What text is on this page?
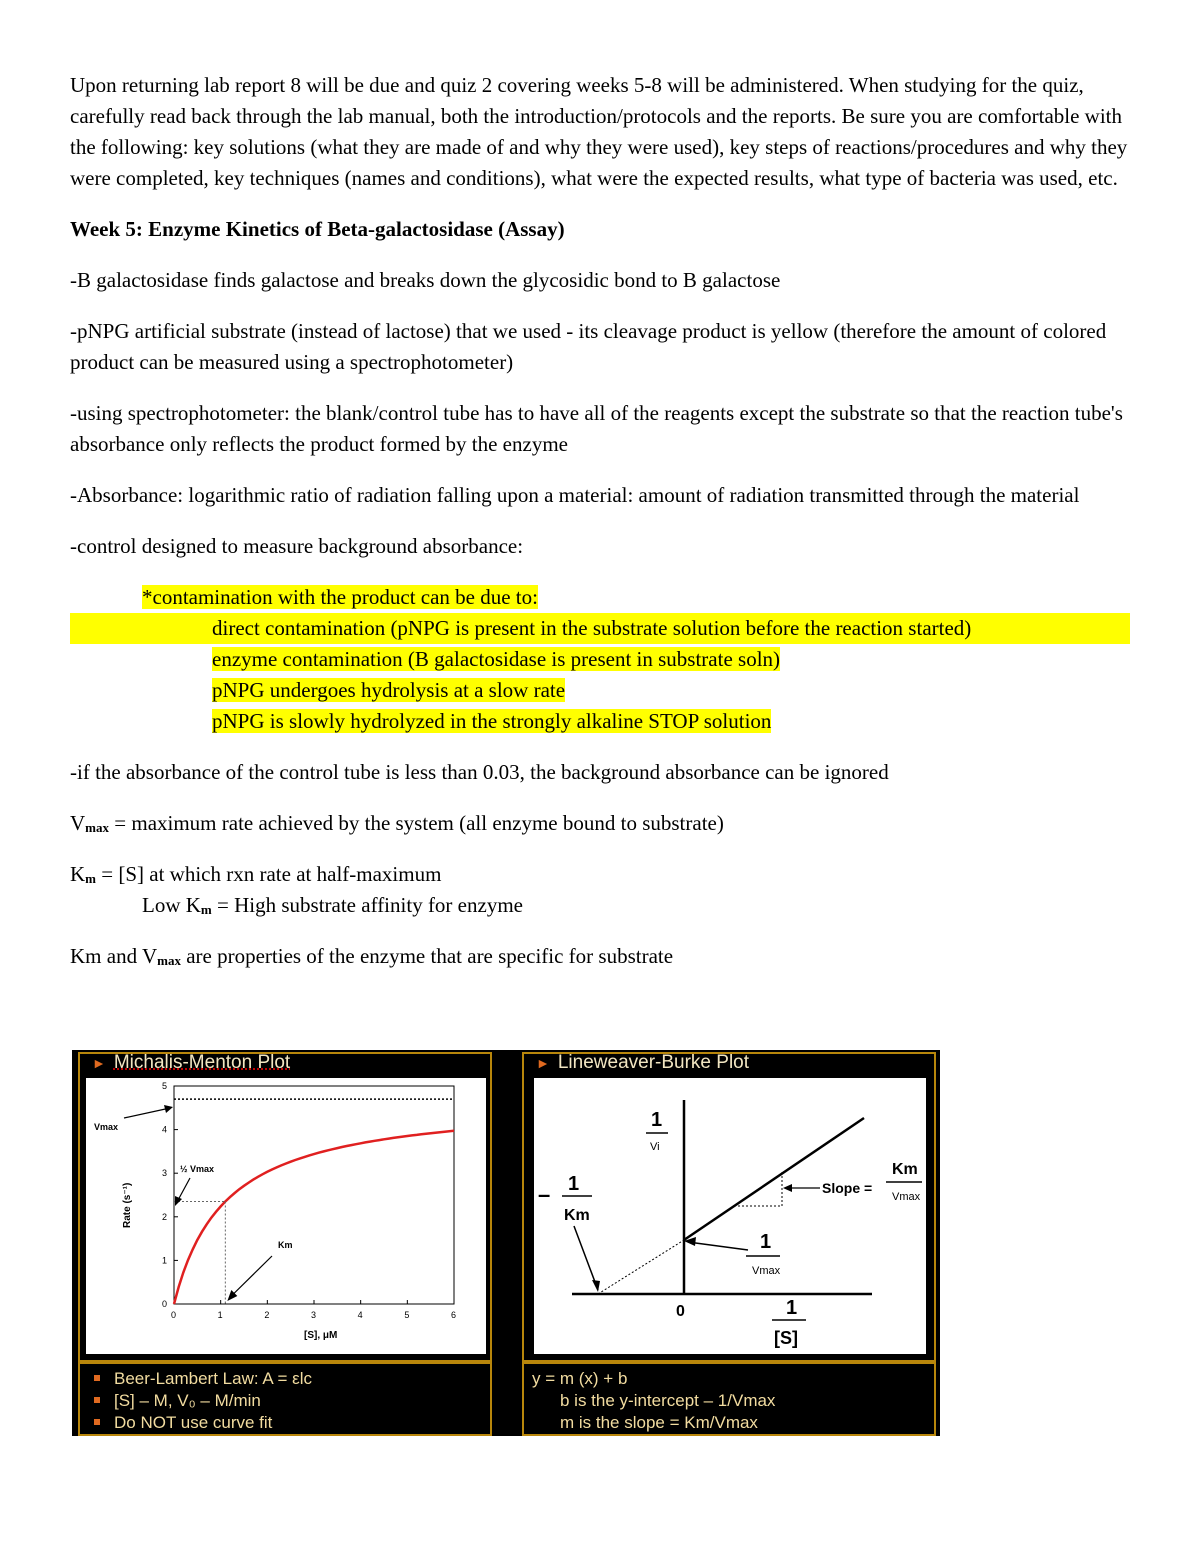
Upon returning lab report 8 will be due and quiz 2 covering weeks 5-8 will be administered. When studying for the quiz, carefully read back through the lab manual, both the introduction/protocols and the reports. Be sure you are comfortable with the following: key solutions (what they are made of and why they were used), key steps of reactions/procedures and why they were completed, key techniques (names and conditions), what were the expected results, what type of bacteria was used, etc.

Week 5: Enzyme Kinetics of Beta-galactosidase (Assay)

-B galactosidase finds galactose and breaks down the glycosidic bond to B galactose

-pNPG artificial substrate (instead of lactose) that we used - its cleavage product is yellow (therefore the amount of colored product can be measured using a spectrophotometer)

-using spectrophotometer: the blank/control tube has to have all of the reagents except the substrate so that the reaction tube's absorbance only reflects the product formed by the enzyme

-Absorbance: logarithmic ratio of radiation falling upon a material: amount of radiation transmitted through the material

-control designed to measure background absorbance:

*contamination with the product can be due to:

direct contamination (pNPG is present in the substrate solution before the reaction started)

enzyme contamination (B galactosidase is present in substrate soln)

pNPG undergoes hydrolysis at a slow rate

pNPG is slowly hydrolyzed in the strongly alkaline STOP solution

-if the absorbance of the control tube is less than 0.03, the background absorbance can be ignored

$V_{max}$ = maximum rate achieved by the system (all enzyme bound to substrate)

$K_m = [S]$ at which rxn rate at half-maximum

Low $K_m$ = High substrate affinity for enzyme

Km and $V_{max}$ are properties of the enzyme that are specific for substrate

► Michalis-Menton Plot	► Lineweaver-Burke Plot
Rate (s⁻¹)
[S], μM
Vmax
½ Vmax
Km
0	1	2	3	4	5	6
0
1
2
3
4
5
1
Vi
– 1
Km
1
Vmax
Slope =
Km
Vmax
0	1
[S]
Beer-Lambert Law: A = εlc
[S] – M, V₀ – M/min
Do NOT use curve fit
y = m (x) + b
b is the y-intercept – 1/Vmax
m is the slope = Km/Vmax
